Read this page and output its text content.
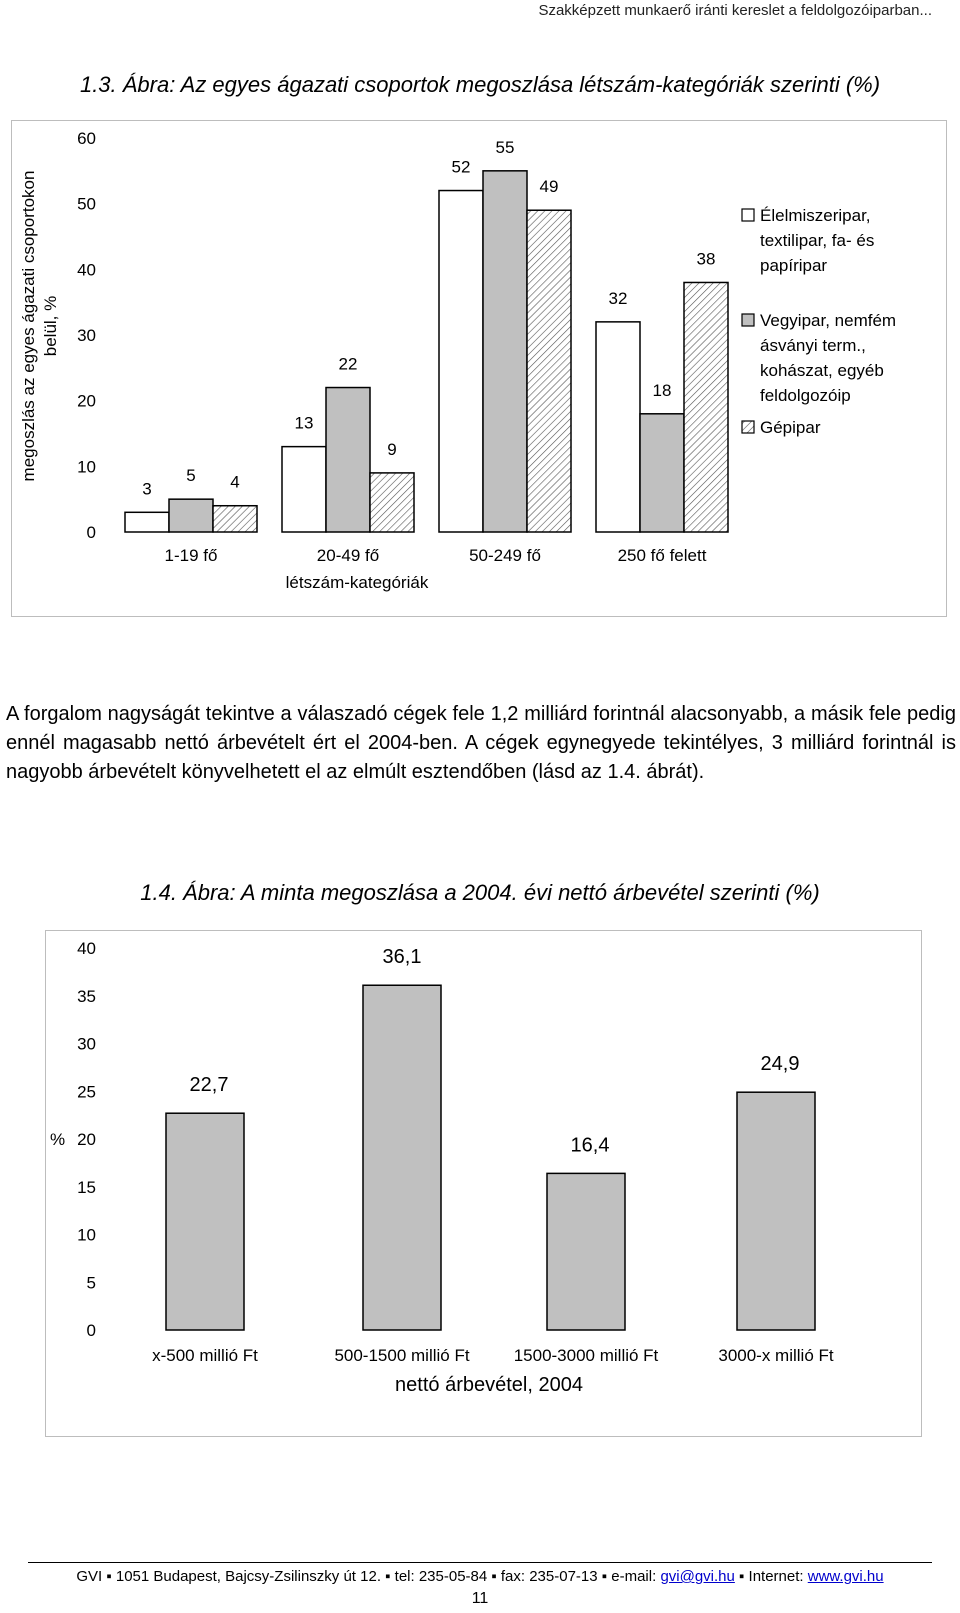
Szakképzett munkaerő iránti kereslet a feldolgozóiparban...
1.3. Ábra: Az egyes ágazati csoportok megoszlása létszám-kategóriák szerinti (%)
0
10
20
30
40
50
60
megoszlás az egyes ágazati csoportokon belül, %
3
5 4
1-19 fő
13
22
9
20-49 fő
52
55
49
50-249 fő
32
18
38
250 fő felett
létszám-kategóriák
Élelmiszeripar,
textilipar, fa- és
papíripar
Vegyipar, nemfém
ásványi term.,
kohászat, egyéb
feldolgozóip
Gépipar
A forgalom nagyságát tekintve a válaszadó cégek fele 1,2 milliárd forintnál alacsonyabb, a másik fele pedig ennél magasabb nettó árbevételt ért el 2004-ben. A cégek egynegyede tekintélyes, 3 milliárd forintnál is nagyobb árbevételt könyvelhetett el az elmúlt esztendőben (lásd az 1.4. ábrát).
1.4. Ábra: A minta megoszlása a 2004. évi nettó árbevétel szerinti (%)
0
5
10
15
20
25
30
35
40
%
22,7
x-500 millió Ft
36,1
500-1500 millió Ft
16,4
1500-3000 millió Ft
24,9
3000-x millió Ft
nettó árbevétel, 2004
GVI ▪ 1051 Budapest, Bajcsy-Zsilinszky út 12. ▪ tel: 235-05-84 ▪ fax: 235-07-13 ▪ e-mail: gvi@gvi.hu ▪ Internet: www.gvi.hu
11
